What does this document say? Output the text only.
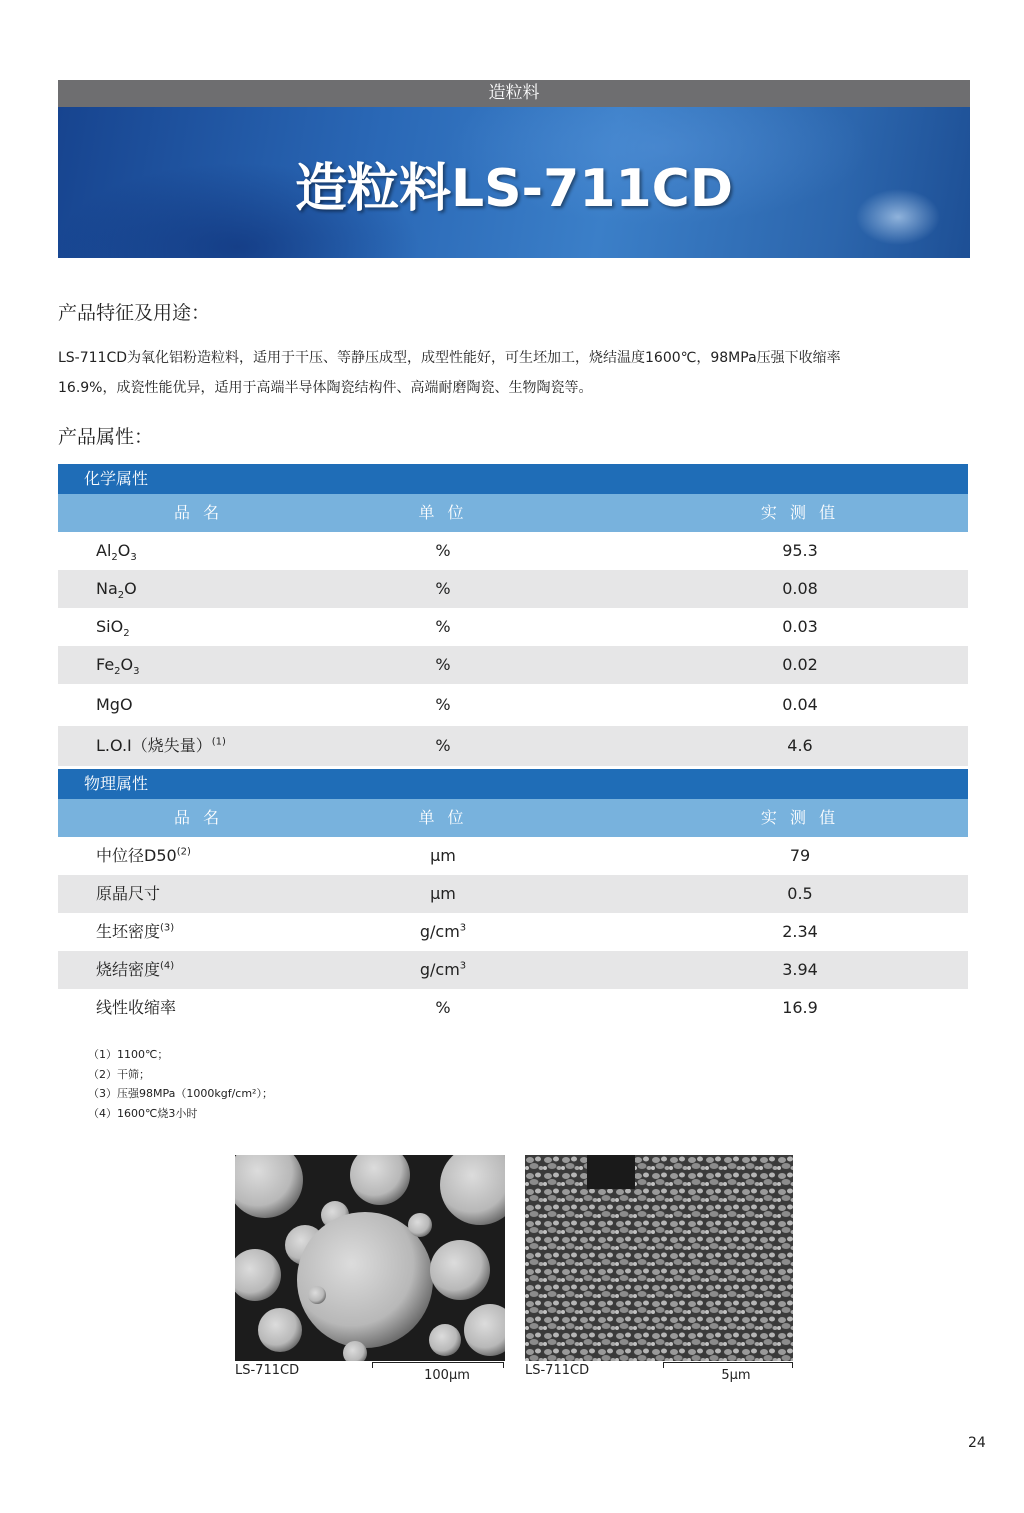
造粒料
造粒料LS-711CD
产品特征及用途：
LS-711CD为氧化铝粉造粒料，适用于干压、等静压成型，成型性能好，可生坯加工，烧结温度1600℃，98MPa压强下收缩率
16.9%，成瓷性能优异，适用于高端半导体陶瓷结构件、高端耐磨陶瓷、生物陶瓷等。
产品属性：
化学属性
品 名	单 位	实 测 值
$Al_2O_3$	%	95.3
$Na_2O$	%	0.08
SiO$_2$	%	0.03
$Fe_2O_3$	%	0.02
MgO	%	0.04
L.O.I（烧失量）$^{(1)}$	%	4.6
物理属性
品 名	单 位	实 测 值
中位径D50$^{(2)}$	μm	79
原晶尺寸	μm	0.5
生坯密度$^{(3)}$	$g/cm^3$	2.34
烧结密度$^{(4)}$	$g/cm^3$	3.94
线性收缩率	%	16.9
（1）1100℃；
（2）干筛；
（3）压强98MPa（1000kgf/cm²）；
（4）1600℃烧3小时
LS-711CD	100μm	LS-711CD	5μm
24
